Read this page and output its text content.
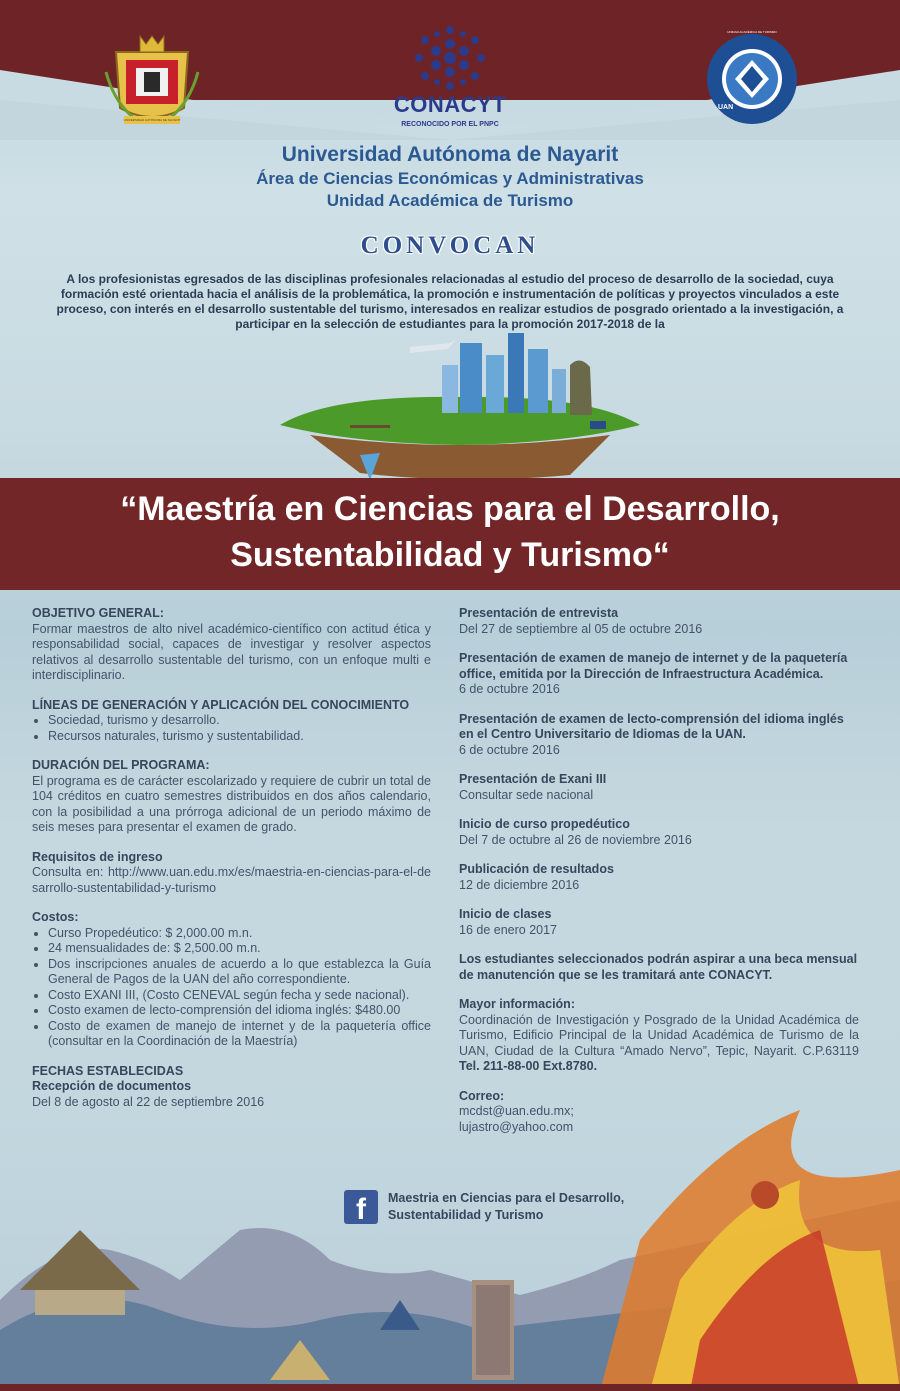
UNIVERSIDAD AUTÓNOMA DE NAYARIT
CONACYT
RECONOCIDO POR EL PNPC
UNIDAD ACADÉMICA DE TURISMO
UAN
Universidad Autónoma de Nayarit
Área de Ciencias Económicas y Administrativas
Unidad Académica de Turismo
CONVOCAN
A los profesionistas egresados de las disciplinas profesionales relacionadas al estudio del proceso de desarrollo de la sociedad, cuya formación esté orientada hacia el análisis de la problemática, la promoción e instrumentación de políticas y proyectos vinculados a este proceso, con interés en el desarrollo sustentable del turismo, interesados en realizar estudios de posgrado orientado a la investigación, a participar en la selección de estudiantes para la promoción 2017-2018 de la
“Maestría en Ciencias para el Desarrollo,
Sustentabilidad y Turismo“
OBJETIVO GENERAL:
Formar maestros de alto nivel académico-científico con actitud ética y responsabilidad social, capaces de investigar y resolver aspectos relativos al desarrollo sustentable del turismo, con un enfoque multi e interdisciplinario.
LÍNEAS DE GENERACIÓN Y APLICACIÓN DEL CONOCIMIENTO
• Sociedad, turismo y desarrollo.
• Recursos naturales, turismo y sustentabilidad.
DURACIÓN DEL PROGRAMA:
El programa es de carácter escolarizado y requiere de cubrir un total de 104 créditos en cuatro semestres distribuidos en dos años calendario, con la posibilidad a una prórroga adicional de un periodo máximo de seis meses para presentar el examen de grado.
Requisitos de ingreso
Consulta en: http://www.uan.edu.mx/es/maestria-en-ciencias-para-el-desarrollo-sustentabilidad-y-turismo
Costos:
• Curso Propedéutico: $ 2,000.00 m.n.
• 24 mensualidades de: $ 2,500.00 m.n.
• Dos inscripciones anuales de acuerdo a lo que establezca la Guía General de Pagos de la UAN del año correspondiente.
• Costo EXANI III, (Costo CENEVAL según fecha y sede nacional).
• Costo examen de lecto-comprensión del idioma inglés: $480.00
• Costo de examen de manejo de internet y de la paquetería office (consultar en la Coordinación de la Maestría)
FECHAS ESTABLECIDAS
Recepción de documentos
Del 8 de agosto al 22 de septiembre 2016
Presentación de entrevista
Del 27 de septiembre al 05 de octubre 2016
Presentación de examen de manejo de internet y de la paquetería office, emitida por la Dirección de Infraestructura Académica.
6 de octubre 2016
Presentación de examen de lecto-comprensión del idioma inglés en el Centro Universitario de Idiomas de la UAN.
6 de octubre 2016
Presentación de Exani III
Consultar sede nacional
Inicio de curso propedéutico
Del 7 de octubre al 26 de noviembre 2016
Publicación de resultados
12 de diciembre 2016
Inicio de clases
16 de enero 2017
Los estudiantes seleccionados podrán aspirar a una beca mensual de manutención que se les tramitará ante CONACYT.
Mayor información:
Coordinación de Investigación y Posgrado de la Unidad Académica de Turismo, Edificio Principal de la Unidad Académica de Turismo de la UAN, Ciudad de la Cultura “Amado Nervo”, Tepic, Nayarit. C.P.63119 Tel. 211-88-00 Ext.8780.
Correo:
mcdst@uan.edu.mx;
lujastro@yahoo.com
f	Maestria en Ciencias para el Desarrollo,
Sustentabilidad y Turismo
